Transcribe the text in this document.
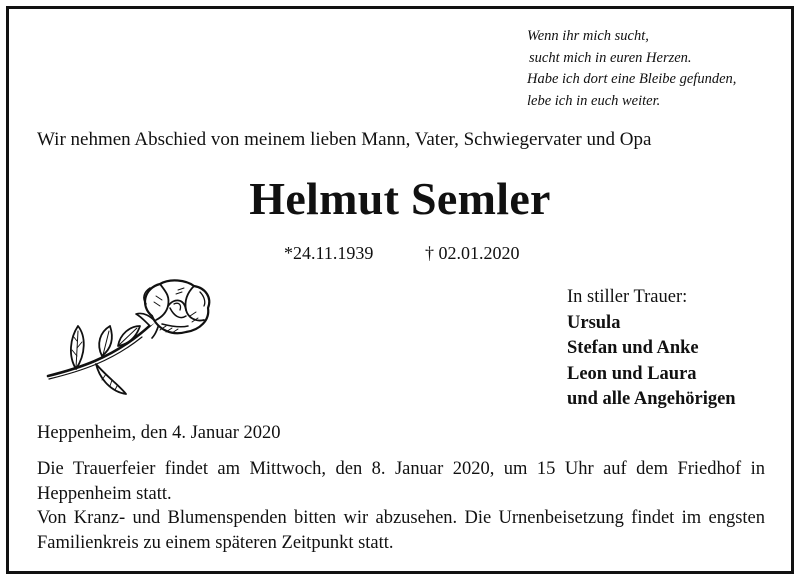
Wenn ihr mich sucht,
sucht mich in euren Herzen.
Habe ich dort eine Bleibe gefunden,
lebe ich in euch weiter.
Wir nehmen Abschied von meinem lieben Mann, Vater, Schwiegervater und Opa
Helmut Semler
*24.11.1939	† 02.01.2020
In stiller Trauer:
Ursula
Stefan und Anke
Leon und Laura
und alle Angehörigen
Heppenheim, den 4. Januar 2020

Die Trauerfeier findet am Mittwoch, den 8. Januar 2020, um 15 Uhr auf dem Friedhof in Heppenheim statt.

Von Kranz- und Blumenspenden bitten wir abzusehen. Die Urnenbeisetzung findet im engsten Familienkreis zu einem späteren Zeitpunkt statt.
